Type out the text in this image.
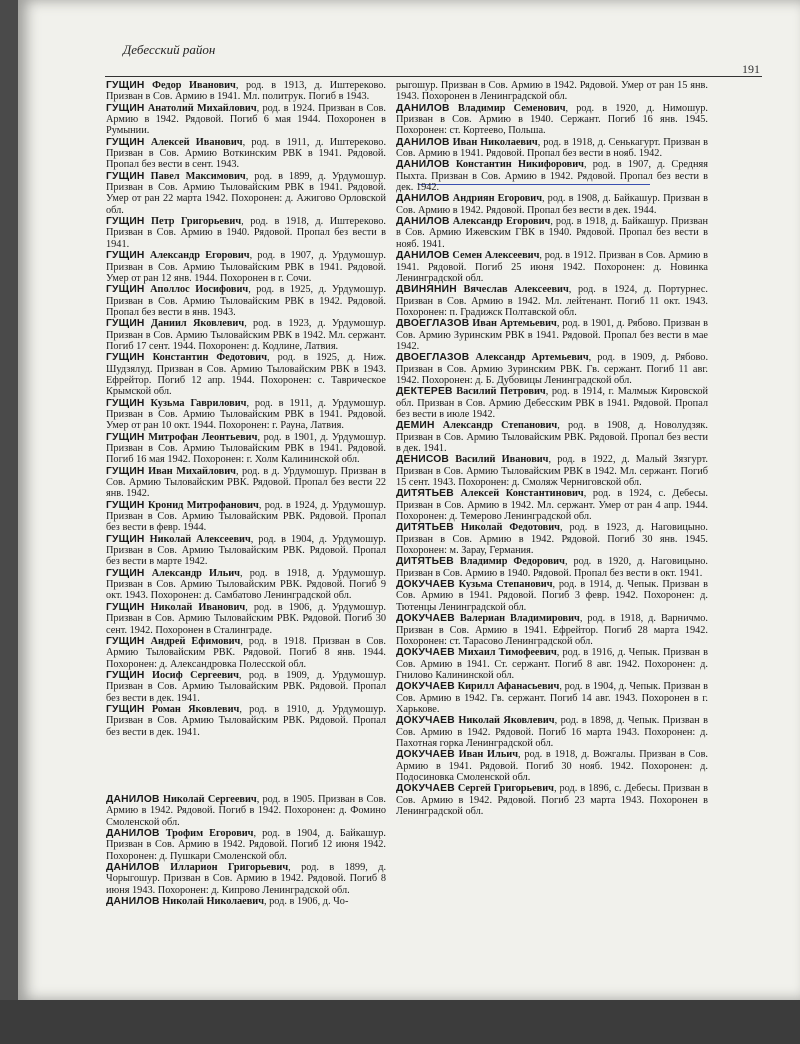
Дебесский район
191
ГУЩИН Федор Иванович, род. в 1913, д. Иштереково. Призван в Сов. Армию в 1941. Мл. политрук. Погиб в 1943.
ГУЩИН Анатолий Михайлович, род. в 1924. Призван в Сов. Армию в 1942. Рядовой. Погиб 6 мая 1944. Похоронен в Румынии.
ГУЩИН Алексей Иванович, род. в 1911, д. Иштереково. Призван в Сов. Армию Воткинским РВК в 1941. Рядовой. Пропал без вести в сент. 1943.
ГУЩИН Павел Максимович, род. в 1899, д. Урдумошур. Призван в Сов. Армию Тыловайским РВК в 1941. Рядовой. Умер от ран 22 марта 1942. Похоронен: д. Ажигово Орловской обл.
ГУЩИН Петр Григорьевич, род. в 1918, д. Иштереково. Призван в Сов. Армию в 1940. Рядовой. Пропал без вести в 1941.
ГУЩИН Александр Егорович, род. в 1907, д. Урдумошур. Призван в Сов. Армию Тыловайским РВК в 1941. Рядовой. Умер от ран 12 янв. 1944. Похоронен в г. Сочи.
ГУЩИН Аполлос Иосифович, род. в 1925, д. Урдумошур. Призван в Сов. Армию Тыловайским РВК в 1942. Рядовой. Пропал без вести в янв. 1943.
ГУЩИН Даниил Яковлевич, род. в 1923, д. Урдумошур. Призван в Сов. Армию Тыловайским РВК в 1942. Мл. сержант. Погиб 17 сент. 1944. Похоронен: д. Кодлине, Латвия.
ГУЩИН Константин Федотович, род. в 1925, д. Ниж. Шудзялуд. Призван в Сов. Армию Тыловайским РВК в 1943. Ефрейтор. Погиб 12 апр. 1944. Похоронен: с. Таврическое Крымской обл.
ГУЩИН Кузьма Гаврилович, род. в 1911, д. Урдумошур. Призван в Сов. Армию Тыловайским РВК в 1941. Рядовой. Умер от ран 10 окт. 1944. Похоронен: г. Рауна, Латвия.
ГУЩИН Митрофан Леонтьевич, род. в 1901, д. Урдумошур. Призван в Сов. Армию Тыловайским РВК в 1941. Рядовой. Погиб 16 мая 1942. Похоронен: г. Холм Калининской обл.
ГУЩИН Иван Михайлович, род. в д. Урдумошур. Призван в Сов. Армию Тыловайским РВК. Рядовой. Пропал без вести 22 янв. 1942.
ГУЩИН Кронид Митрофанович, род. в 1924, д. Урдумошур. Призван в Сов. Армию Тыловайским РВК. Рядовой. Пропал без вести в февр. 1944.
ГУЩИН Николай Алексеевич, род. в 1904, д. Урдумошур. Призван в Сов. Армию Тыловайским РВК. Рядовой. Пропал без вести в марте 1942.
ГУЩИН Александр Ильич, род. в 1918, д. Урдумошур. Призван в Сов. Армию Тыловайским РВК. Рядовой. Погиб 9 окт. 1943. Похоронен: д. Самбатово Ленинградской обл.
ГУЩИН Николай Иванович, род. в 1906, д. Урдумошур. Призван в Сов. Армию Тыловайским РВК. Рядовой. Погиб 30 сент. 1942. Похоронен в Сталинграде.
ГУЩИН Андрей Ефимович, род. в 1918. Призван в Сов. Армию Тыловайским РВК. Рядовой. Погиб 8 янв. 1944. Похоронен: д. Александровка Полесской обл.
ГУЩИН Иосиф Сергеевич, род. в 1909, д. Урдумошур. Призван в Сов. Армию Тыловайским РВК. Рядовой. Пропал без вести в дек. 1941.
ГУЩИН Роман Яковлевич, род. в 1910, д. Урдумошур. Призван в Сов. Армию Тыловайским РВК. Рядовой. Пропал без вести в дек. 1941.
ДАНИЛОВ Николай Сергеевич, род. в 1905. Призван в Сов. Армию в 1942. Рядовой. Погиб в 1942. Похоронен: д. Фомино Смоленской обл.
ДАНИЛОВ Трофим Егорович, род. в 1904, д. Байкашур. Призван в Сов. Армию в 1942. Рядовой. Погиб 12 июня 1942. Похоронен: д. Пушкари Смоленской обл.
ДАНИЛОВ Илларион Григорьевич, род. в 1899, д. Чорыгошур. Призван в Сов. Армию в 1942. Рядовой. Погиб 8 июня 1943. Похоронен: д. Кипрово Ленинградской обл.
ДАНИЛОВ Николай Николаевич, род. в 1906, д. Чо-
рыгошур. Призван в Сов. Армию в 1942. Рядовой. Умер от ран 15 янв. 1943. Похоронен в Ленинградской обл.
ДАНИЛОВ Владимир Семенович, род. в 1920, д. Нимошур. Призван в Сов. Армию в 1940. Сержант. Погиб 16 янв. 1945. Похоронен: ст. Кортеево, Польша.
ДАНИЛОВ Иван Николаевич, род. в 1918, д. Сенькагурт. Призван в Сов. Армию в 1941. Рядовой. Пропал без вести в нояб. 1942.
ДАНИЛОВ Константин Никифорович, род. в 1907, д. Средняя Пыхта. Призван в Сов. Армию в 1942. Рядовой. Пропал без вести в дек. 1942.
ДАНИЛОВ Андриян Егорович, род. в 1908, д. Байкашур. Призван в Сов. Армию в 1942. Рядовой. Пропал без вести в дек. 1944.
ДАНИЛОВ Александр Егорович, род. в 1918, д. Байкашур. Призван в Сов. Армию Ижевским ГВК в 1940. Рядовой. Пропал без вести в нояб. 1941.
ДАНИЛОВ Семен Алексеевич, род. в 1912. Призван в Сов. Армию в 1941. Рядовой. Погиб 25 июня 1942. Похоронен: д. Новинка Ленинградской обл.
ДВИНЯНИН Вячеслав Алексеевич, род. в 1924, д. Портурнес. Призван в Сов. Армию в 1942. Мл. лейтенант. Погиб 11 окт. 1943. Похоронен: п. Градижск Полтавской обл.
ДВОЕГЛАЗОВ Иван Артемьевич, род. в 1901, д. Рябово. Призван в Сов. Армию Зуринским РВК в 1941. Рядовой. Пропал без вести в мае 1942.
ДВОЕГЛАЗОВ Александр Артемьевич, род. в 1909, д. Рябово. Призван в Сов. Армию Зуринским РВК. Гв. сержант. Погиб 11 авг. 1942. Похоронен: д. Б. Дубовицы Ленинградской обл.
ДЕКТЕРЕВ Василий Петрович, род. в 1914, г. Малмыж Кировской обл. Призван в Сов. Армию Дебесским РВК в 1941. Рядовой. Пропал без вести в июле 1942.
ДЕМИН Александр Степанович, род. в 1908, д. Новолудзяк. Призван в Сов. Армию Тыловайским РВК. Рядовой. Пропал без вести в дек. 1941.
ДЕНИСОВ Василий Иванович, род. в 1922, д. Малый Зязгурт. Призван в Сов. Армию Тыловайским РВК в 1942. Мл. сержант. Погиб 15 сент. 1943. Похоронен: д. Смоляж Черниговской обл.
ДИТЯТЬЕВ Алексей Константинович, род. в 1924, с. Дебесы. Призван в Сов. Армию в 1942. Мл. сержант. Умер от ран 4 апр. 1944. Похоронен: д. Темерово Ленинградской обл.
ДИТЯТЬЕВ Николай Федотович, род. в 1923, д. Наговицыно. Призван в Сов. Армию в 1942. Рядовой. Погиб 30 янв. 1945. Похоронен: м. Зарау, Германия.
ДИТЯТЬЕВ Владимир Федорович, род. в 1920, д. Наговицыно. Призван в Сов. Армию в 1940. Рядовой. Пропал без вести в окт. 1941.
ДОКУЧАЕВ Кузьма Степанович, род. в 1914, д. Чепык. Призван в Сов. Армию в 1941. Рядовой. Погиб 3 февр. 1942. Похоронен: д. Тютенцы Ленинградской обл.
ДОКУЧАЕВ Валериан Владимирович, род. в 1918, д. Варничмо. Призван в Сов. Армию в 1941. Ефрейтор. Погиб 28 марта 1942. Похоронен: ст. Тарасово Ленинградской обл.
ДОКУЧАЕВ Михаил Тимофеевич, род. в 1916, д. Чепык. Призван в Сов. Армию в 1941. Ст. сержант. Погиб 8 авг. 1942. Похоронен: д. Гнилово Калининской обл.
ДОКУЧАЕВ Кирилл Афанасьевич, род. в 1904, д. Чепык. Призван в Сов. Армию в 1942. Гв. сержант. Погиб 14 авг. 1943. Похоронен в г. Харькове.
ДОКУЧАЕВ Николай Яковлевич, род. в 1898, д. Чепык. Призван в Сов. Армию в 1942. Рядовой. Погиб 16 марта 1943. Похоронен: д. Пахотная горка Ленинградской обл.
ДОКУЧАЕВ Иван Ильич, род. в 1918, д. Вожгалы. Призван в Сов. Армию в 1941. Рядовой. Погиб 30 нояб. 1942. Похоронен: д. Подосиновка Смоленской обл.
ДОКУЧАЕВ Сергей Григорьевич, род. в 1896, с. Дебесы. Призван в Сов. Армию в 1942. Рядовой. Погиб 23 марта 1943. Похоронен в Ленинградской обл.
